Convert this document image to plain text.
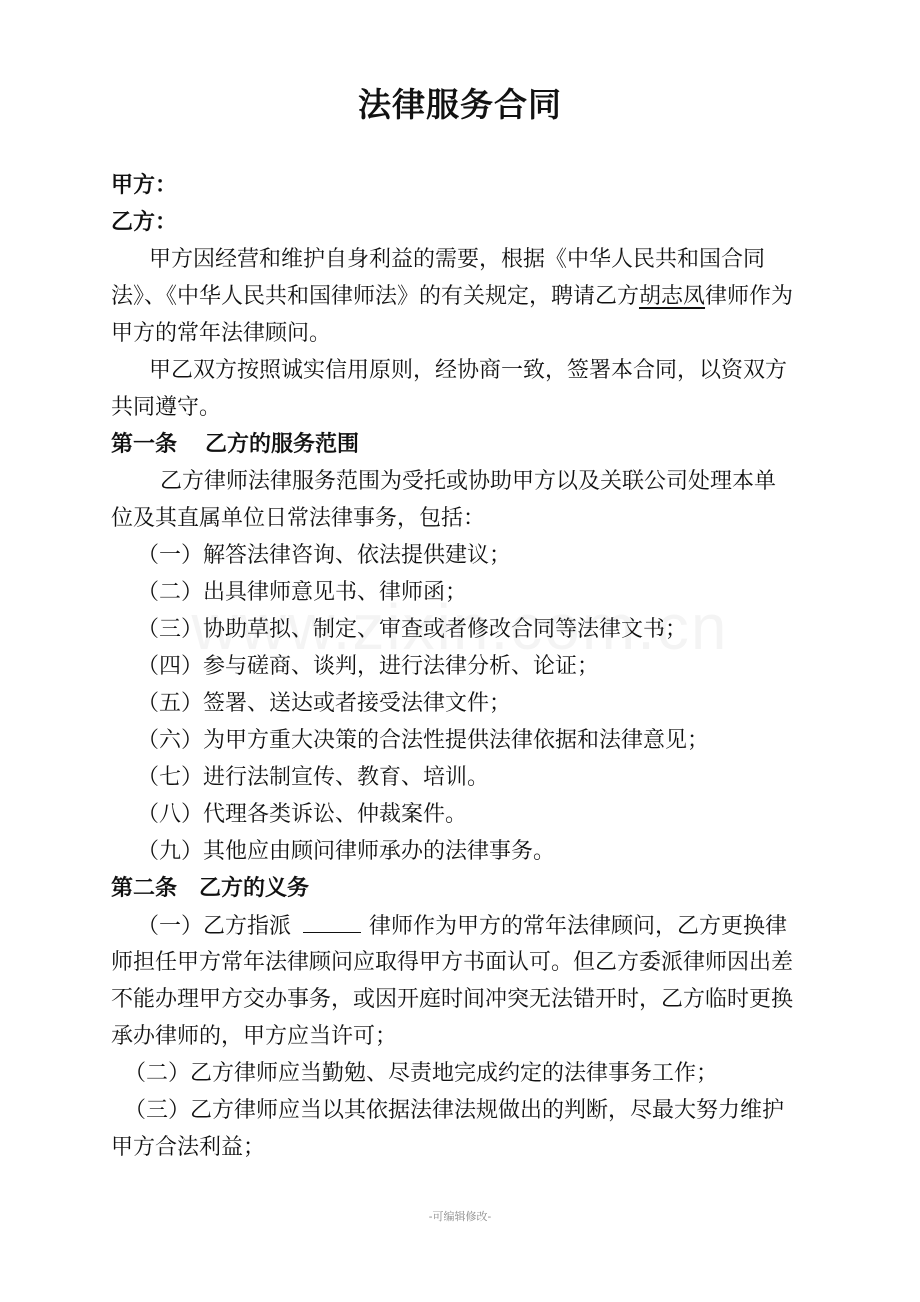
法律服务合同
甲方：
乙方：
甲方因经营和维护自身利益的需要，根据《中华人民共和国合同
法》、《中华人民共和国律师法》的有关规定，聘请乙方胡志凤律师作为
甲方的常年法律顾问。
甲乙双方按照诚实信用原则，经协商一致，签署本合同，以资双方
共同遵守。
第一条 乙方的服务范围
乙方律师法律服务范围为受托或协助甲方以及关联公司处理本单
位及其直属单位日常法律事务，包括：
（一）解答法律咨询、依法提供建议；
（二）出具律师意见书、律师函；
（三）协助草拟、制定、审查或者修改合同等法律文书；
（四）参与磋商、谈判，进行法律分析、论证；
（五）签署、送达或者接受法律文件；
（六）为甲方重大决策的合法性提供法律依据和法律意见；
（七）进行法制宣传、教育、培训。
（八）代理各类诉讼、仲裁案件。
（九）其他应由顾问律师承办的法律事务。
第二条 乙方的义务
（一）乙方指派	律师作为甲方的常年法律顾问，乙方更换律
师担任甲方常年法律顾问应取得甲方书面认可。但乙方委派律师因出差
不能办理甲方交办事务，或因开庭时间冲突无法错开时，乙方临时更换
承办律师的，甲方应当许可；
（二）乙方律师应当勤勉、尽责地完成约定的法律事务工作；
（三）乙方律师应当以其依据法律法规做出的判断，尽最大努力维护
甲方合法利益；
-可编辑修改-
